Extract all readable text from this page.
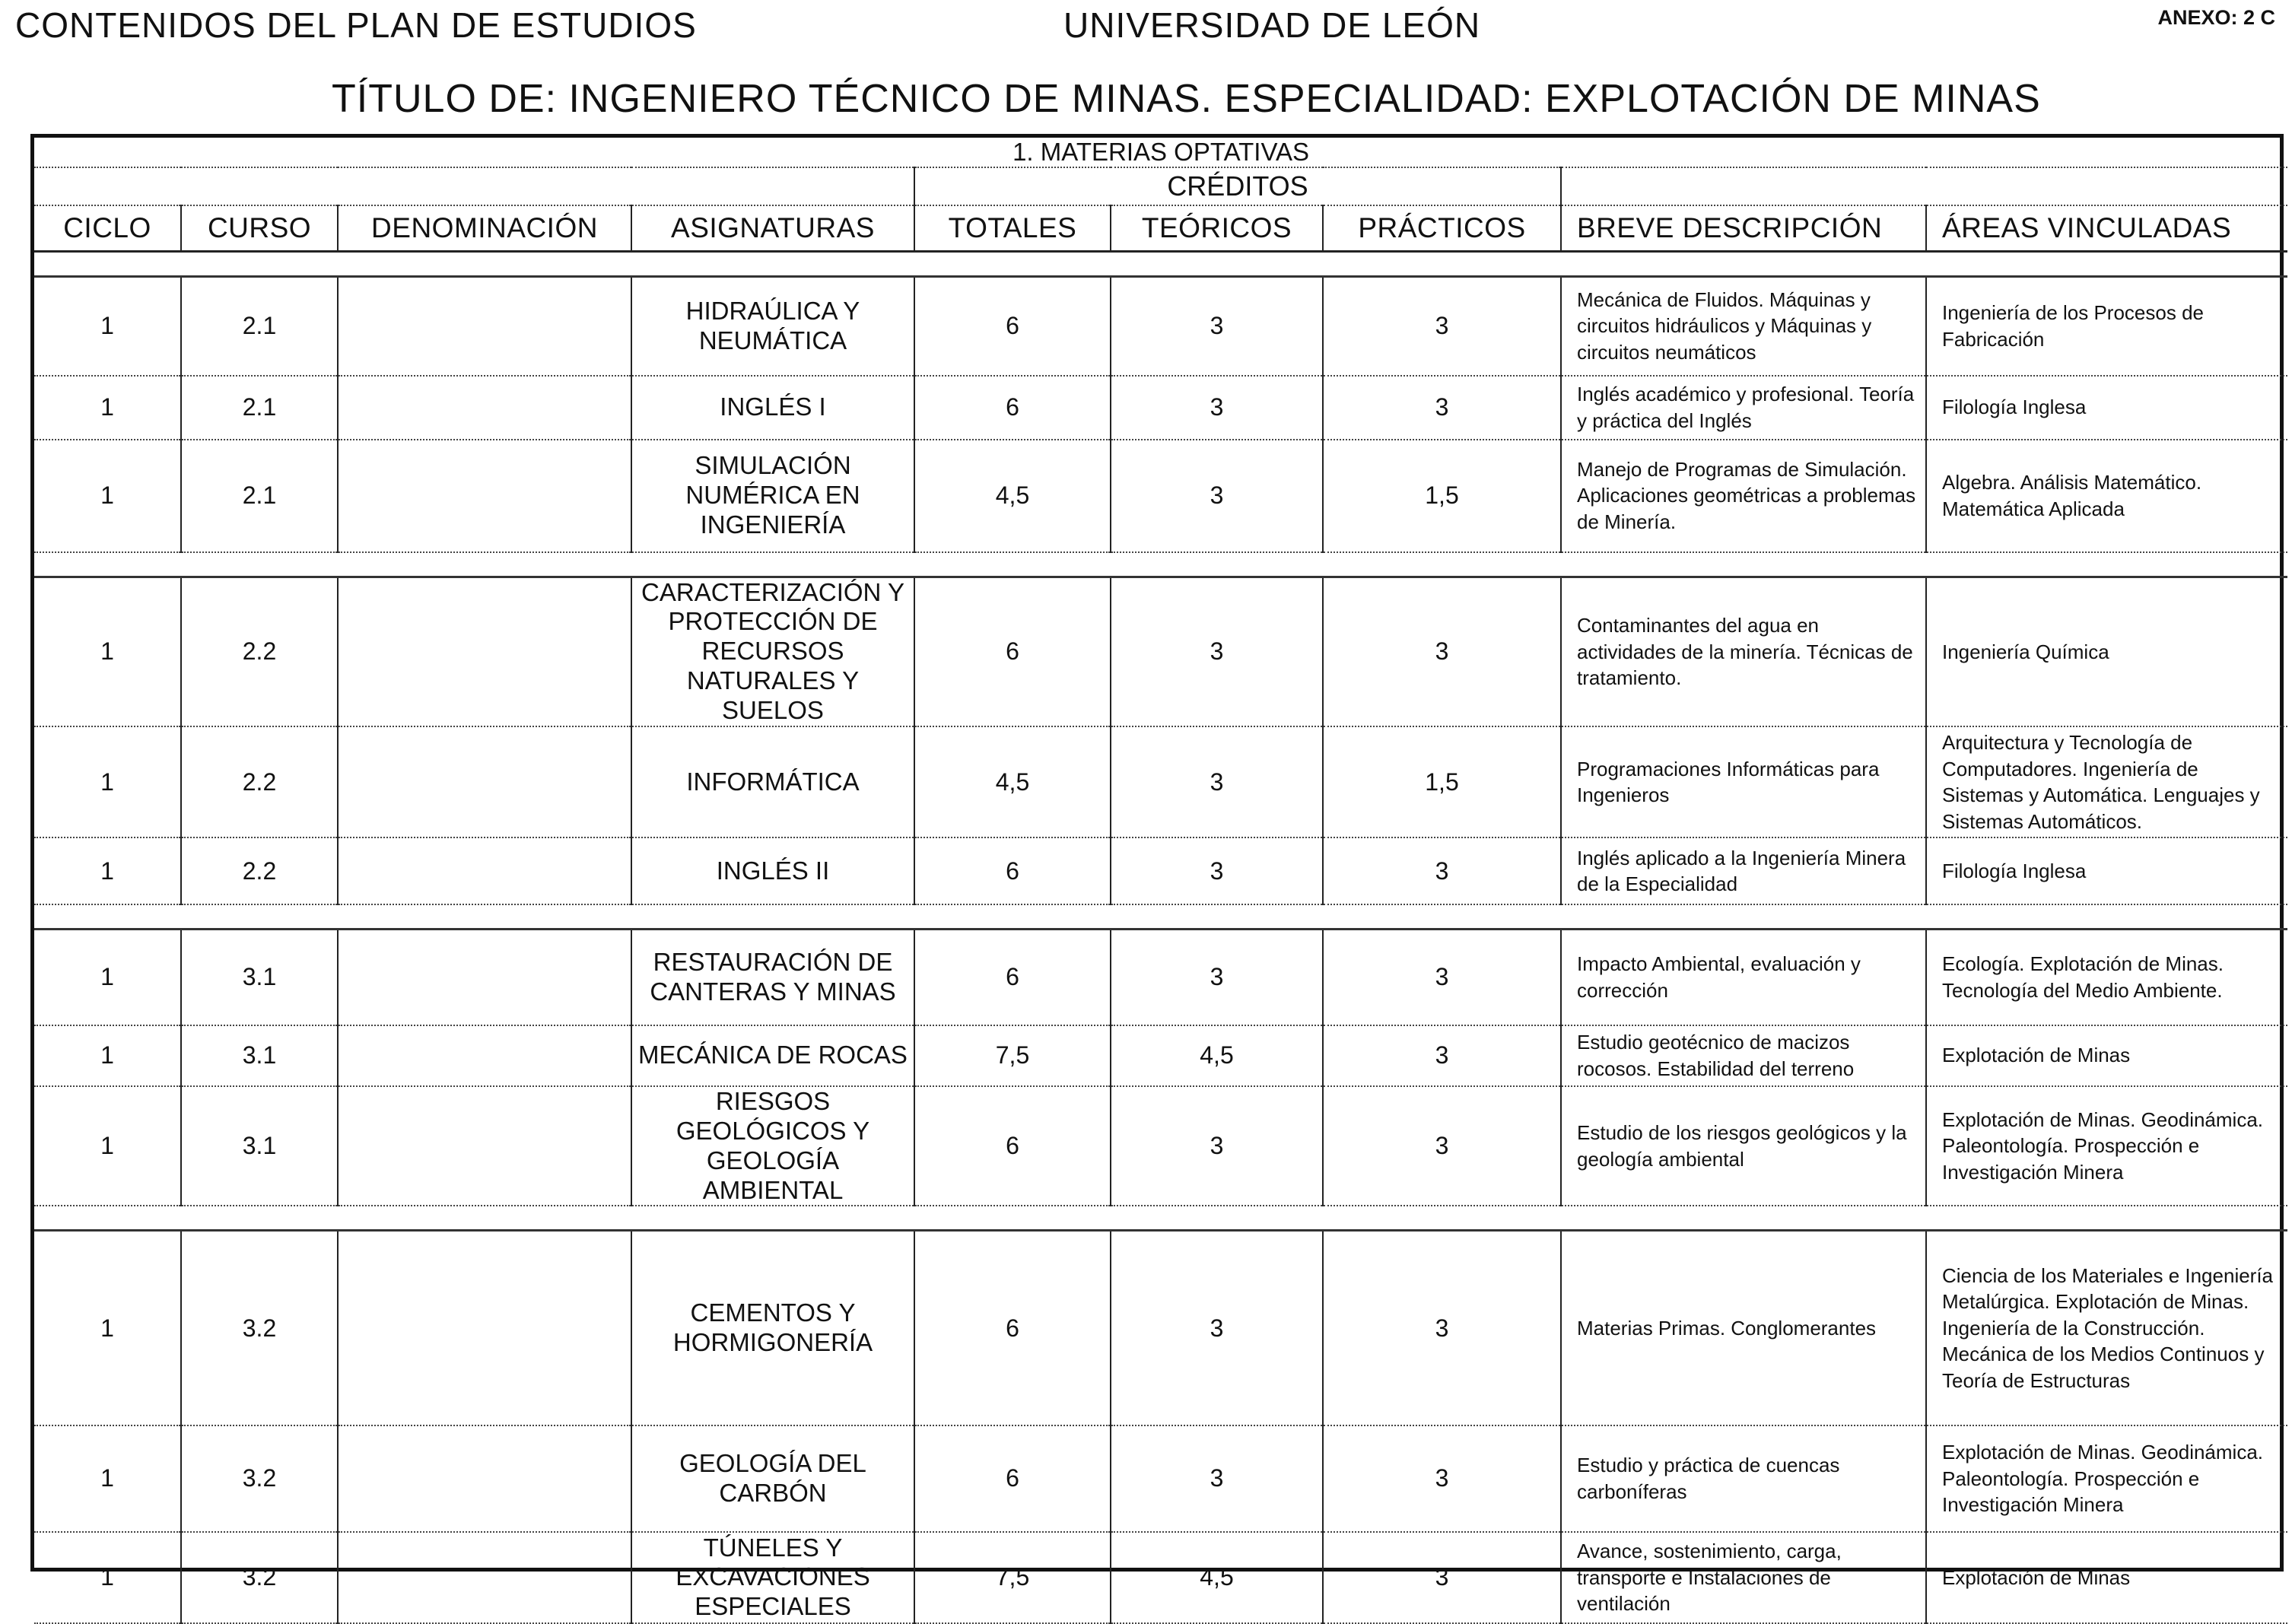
CONTENIDOS DEL PLAN DE ESTUDIOS	UNIVERSIDAD DE LEÓN	ANEXO: 2 C
TÍTULO DE: INGENIERO TÉCNICO DE MINAS. ESPECIALIDAD: EXPLOTACIÓN DE MINAS
1. MATERIAS OPTATIVAS								
				CRÉDITOS				
CICLO	CURSO	DENOMINACIÓN	ASIGNATURAS	TOTALES	TEÓRICOS	PRÁCTICOS	BREVE DESCRIPCIÓN	ÁREAS VINCULADAS

1	2.1		HIDRAÚLICA Y NEUMÁTICA	6	3	3	Mecánica de Fluidos. Máquinas y circuitos hidráulicos y Máquinas y circuitos neumáticos	Ingeniería de los Procesos de Fabricación
1	2.1		INGLÉS I	6	3	3	Inglés académico y profesional. Teoría y práctica del Inglés	Filología Inglesa
1	2.1		SIMULACIÓN NUMÉRICA EN INGENIERÍA	4,5	3	1,5	Manejo de Programas de Simulación. Aplicaciones geométricas a problemas de Minería.	Algebra. Análisis Matemático. Matemática Aplicada

1	2.2		CARACTERIZACIÓN Y PROTECCIÓN DE RECURSOS NATURALES Y SUELOS	6	3	3	Contaminantes del agua en actividades de la minería. Técnicas de tratamiento.	Ingeniería Química
1	2.2		INFORMÁTICA	4,5	3	1,5	Programaciones Informáticas para Ingenieros	Arquitectura y Tecnología de Computadores. Ingeniería de Sistemas y Automática. Lenguajes y Sistemas Automáticos.
1	2.2		INGLÉS II	6	3	3	Inglés aplicado a la Ingeniería Minera de la Especialidad	Filología Inglesa

1	3.1		RESTAURACIÓN DE CANTERAS Y MINAS	6	3	3	Impacto Ambiental, evaluación y corrección	Ecología. Explotación de Minas. Tecnología del Medio Ambiente.
1	3.1		MECÁNICA DE ROCAS	7,5	4,5	3	Estudio geotécnico de macizos rocosos. Estabilidad del terreno	Explotación de Minas
1	3.1		RIESGOS GEOLÓGICOS Y GEOLOGÍA AMBIENTAL	6	3	3	Estudio de los riesgos geológicos y la geología ambiental	Explotación de Minas. Geodinámica. Paleontología. Prospección e Investigación Minera

1	3.2		CEMENTOS Y HORMIGONERÍA	6	3	3	Materias Primas. Conglomerantes	Ciencia de los Materiales e Ingeniería Metalúrgica. Explotación de Minas. Ingeniería de la Construcción. Mecánica de los Medios Continuos y Teoría de Estructuras
1	3.2		GEOLOGÍA DEL CARBÓN	6	3	3	Estudio y práctica de cuencas carboníferas	Explotación de Minas. Geodinámica. Paleontología. Prospección e Investigación Minera
1	3.2		TÚNELES Y EXCAVACIONES ESPECIALES	7,5	4,5	3	Avance, sostenimiento, carga, transporte e Instalaciones de ventilación	Explotación de Minas
